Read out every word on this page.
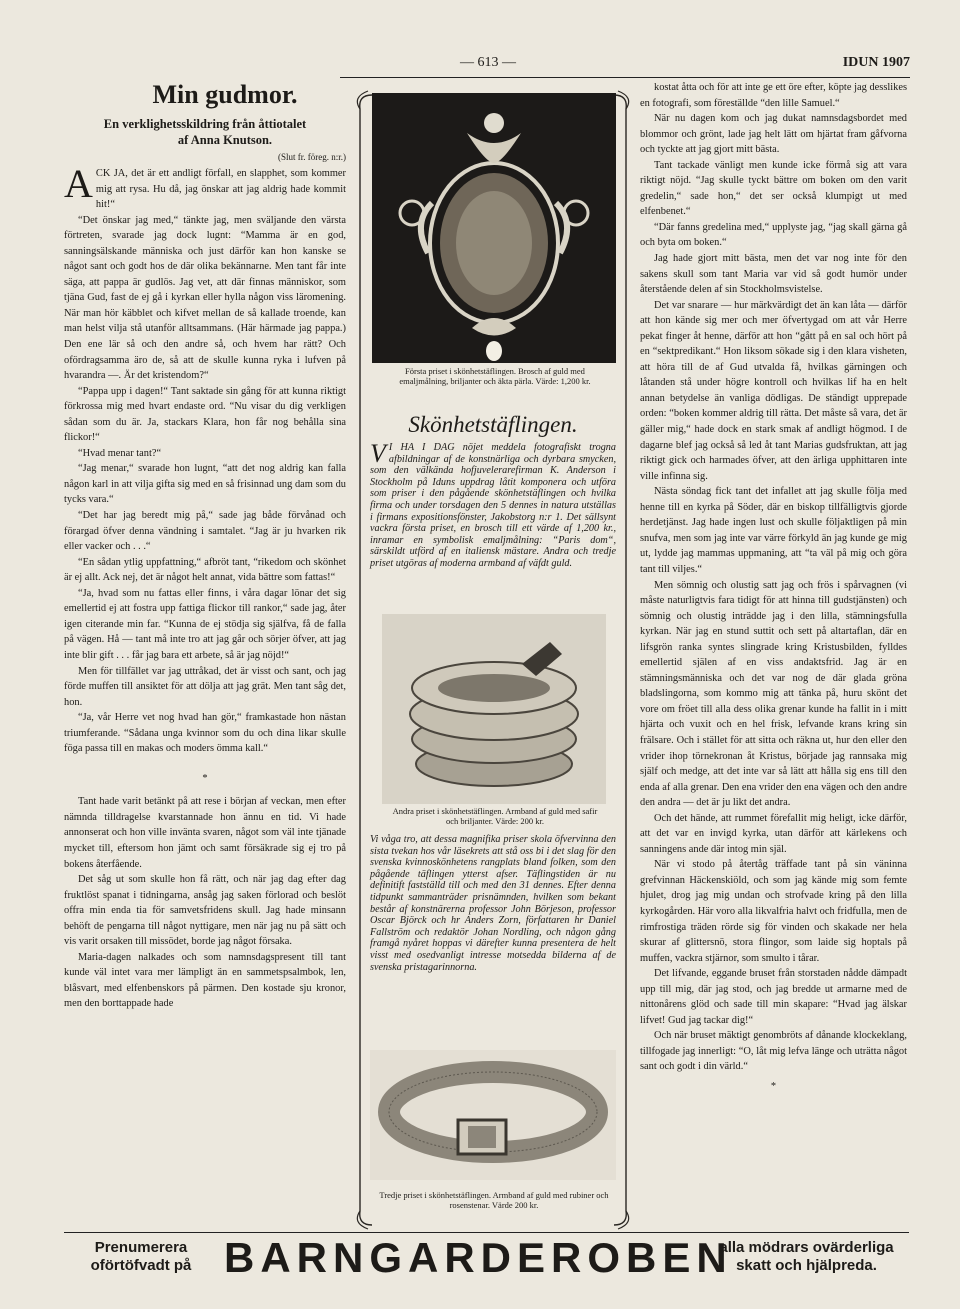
— 613 —	IDUN 1907
Min gudmor.
En verklighetsskildring från åttiotalet
af Anna Knutson.
(Slut fr. föreg. n:r.)

ACK JA, det är ett andligt förfall, en slapphet, som kommer mig att rysa. Hu då, jag önskar att jag aldrig hade kommit hit!“

“Det önskar jag med,“ tänkte jag, men sväljande den värsta förtreten, svarade jag dock lugnt: “Mamma är en god, sanningsälskande människa och just därför kan hon kanske se något sant och godt hos de där olika bekännarne. Men tant får inte säga, att pappa är gudlös. Jag vet, att där finnas människor, som tjäna Gud, fast de ej gå i kyrkan eller hylla någon viss läromening. När man hör käbblet och kifvet mellan de så kallade troende, kan man helst vilja stå utanför alltsammans. (Här härmade jag pappa.) Den ene lär så och den andre så, och hvem har rätt? Och ofördragsamma äro de, så att de skulle kunna ryka i lufven på hvarandra —. Är det kristendom?“

“Pappa upp i dagen!“ Tant saktade sin gång för att kunna riktigt förkrossa mig med hvart endaste ord. “Nu visar du dig verkligen sådan som du är. Ja, stackars Klara, hon får nog behålla sina flickor!“

“Hvad menar tant?“

“Jag menar,“ svarade hon lugnt, “att det nog aldrig kan falla någon karl in att vilja gifta sig med en så frisinnad ung dam som du tycks vara.“

“Det har jag beredt mig på,“ sade jag både förvånad och förargad öfver denna vändning i samtalet. “Jag är ju hvarken rik eller vacker och . . .“

“En sådan ytlig uppfattning,“ afbröt tant, “rikedom och skönhet är ej allt. Ack nej, det är något helt annat, vida bättre som fattas!“

“Ja, hvad som nu fattas eller finns, i våra dagar lönar det sig emellertid ej att fostra upp fattiga flickor till rankor,“ sade jag, åter igen citerande min far. “Kunna de ej stödja sig själfva, få de falla på vägen. Hå — tant må inte tro att jag går och sörjer öfver, att jag inte blir gift . . . får jag bara ett arbete, så är jag nöjd!“

Men för tillfället var jag uttråkad, det är visst och sant, och jag förde muffen till ansiktet för att dölja att jag grät. Men tant såg det, hon.

“Ja, vår Herre vet nog hvad han gör,“ framkastade hon nästan triumferande. “Sådana unga kvinnor som du och dina likar skulle föga passa till en makas och moders ömma kall.“

*

Tant hade varit betänkt på att rese i början af veckan, men efter nämnda tilldragelse kvarstannade hon ännu en tid. Vi hade annonserat och hon ville invänta svaren, något som väl inte tjänade mycket till, eftersom hon jämt och samt försäkrade sig ej tro på bokens återfående.

Det såg ut som skulle hon få rätt, och när jag dag efter dag fruktlöst spanat i tidningarna, ansåg jag saken förlorad och beslöt offra min enda tia för samvetsfridens skull. Jag hade minsann behöft de pengarna till något nyttigare, men när jag nu på sätt och vis varit orsaken till missödet, borde jag något försaka.

Maria-dagen nalkades och som namnsdagspresent till tant kunde väl intet vara mer lämpligt än en sammetspsalmbok, len, blåsvart, med elfenbenskors på pärmen. Den kostade sju kronor, men den borttappade hade

Första priset i skönhetstäflingen. Brosch af guld med emaljmålning, briljanter och äkta pärla. Värde: 1,200 kr.
Skönhetstäflingen.
V I HA I DAG nöjet meddela fotografiskt trogna afbildningar af de konstnärliga och dyrbara smycken, som den välkända hofjuvelerarefirman K. Anderson i Stockholm på Iduns uppdrag låtit komponera och utföra som priser i den pågående skönhetstäflingen och hvilka firma och under torsdagen den 5 dennes in natura utställas i firmans expositionsfönster, Jakobstorg n:r 1. Det sällsynt vackra första priset, en brosch till ett värde af 1,200 kr., inramar en symbolisk emaljmålning: “Paris dom“, särskildt utförd af en italiensk mästare. Andra och tredje priset utgöras af moderna armband af väfdt guld.
Andra priset i skönhetstäflingen. Armband af guld med safir och briljanter. Värde: 200 kr.
Vi våga tro, att dessa magnifika priser skola öfvervinna den sista tvekan hos vår läsekrets att stå oss bi i det slag för den svenska kvinnoskönhetens rangplats bland folken, som den pågående täflingen ytterst afser. Täflingstiden är nu definitift fastställd till och med den 31 dennes. Efter denna tidpunkt sammanträder prisnämnden, hvilken som bekant består af konstnärerna professor John Börjeson, professor Oscar Björck och hr Anders Zorn, författaren hr Daniel Fallström och redaktör Johan Nordling, och någon gång framgå nyåret hoppas vi därefter kunna presentera de helt visst med osedvanligt intresse motsedda bilderna af de svenska pristagarinnorna.
Tredje priset i skönhetstäflingen. Armband af guld med rubiner och rosenstenar. Värde 200 kr.

kostat åtta och för att inte ge ett öre efter, köpte jag desslikes en fotografi, som föreställde “den lille Samuel.“

När nu dagen kom och jag dukat namnsdagsbordet med blommor och grönt, lade jag helt lätt om hjärtat fram gåfvorna och tyckte att jag gjort mitt bästa.

Tant tackade vänligt men kunde icke förmå sig att vara riktigt nöjd. “Jag skulle tyckt bättre om boken om den varit gredelin,“ sade hon,“ det ser också klumpigt ut med elfenbenet.“

“Där fanns gredelina med,“ upplyste jag, “jag skall gärna gå och byta om boken.“

Jag hade gjort mitt bästa, men det var nog inte för den sakens skull som tant Maria var vid så godt humör under återstående delen af sin Stockholmsvistelse.

Det var snarare — hur märkvärdigt det än kan låta — därför att hon kände sig mer och mer öfvertygad om att vår Herre pekat finger åt henne, därför att hon “gått på en sal och hört på en “sektpredikant.“ Hon liksom sökade sig i den klara visheten, att höra till de af Gud utvalda få, hvilkas gärningen och låtanden stå under högre kontroll och hvilkas lif ha en helt annan betydelse än vanliga dödligas. De ständigt upprepade orden: “boken kommer aldrig till rätta. Det måste så vara, det är gäller mig,“ hade dock en stark smak af andligt högmod. I de dagarne blef jag också så led åt tant Marias gudsfruktan, att jag riktigt gick och harmades öfver, att den ärliga upphittaren inte ville infinna sig.

Nästa söndag fick tant det infallet att jag skulle följa med henne till en kyrka på Söder, där en biskop tillfälligtvis gjorde herdetjänst. Jag hade ingen lust och skulle följaktligen på min snufva, men som jag inte var värre förkyld än jag kunde ge mig ut, lydde jag mammas uppmaning, att “ta väl på mig och göra tant till viljes.“

Men sömnig och olustig satt jag och frös i spårvagnen (vi måste naturligtvis fara tidigt för att hinna till gudstjänsten) och sömnig och olustig inträdde jag i den lilla, stämningsfulla kyrkan. När jag en stund suttit och sett på altartaflan, där en lifsgrön ranka syntes slingrade kring Kristusbilden, fylldes emellertid själen af en viss andaktsfrid. Jag är en stämningsmänniska och det var nog de där glada gröna bladslingorna, som kommo mig att tänka på, huru skönt det vore om fröet till alla dess olika grenar kunde ha fallit in i mitt hjärta och vuxit och en hel frisk, lefvande krans kring sin frälsare. Och i stället för att sitta och räkna ut, hur den eller den vrider ihop törnekronan åt Kristus, började jag rannsaka mig själf och medge, att det inte var så lätt att hålla sig ens till den enda af alla grenar. Den ena vrider den ena vägen och den andre den andra — det är ju likt det andra.

Och det hände, att rummet förefallit mig heligt, icke därför, att det var en invigd kyrka, utan därför att kärlekens och sanningens ande där intog min själ.

När vi stodo på återtåg träffade tant på sin väninna grefvinnan Häckenskiöld, och som jag kände mig som femte hjulet, drog jag mig undan och strofvade kring på den lilla kyrkogården. Här voro alla likvalfria halvt och fridfulla, men de rimfrostiga träden rörde sig för vinden och skakade ner hela skurar af glittersnö, stora flingor, som laide sig hoptals på muffen, vackra stjärnor, som smulto i tårar.

Det lifvande, eggande bruset från storstaden nådde dämpadt upp till mig, där jag stod, och jag bredde ut armarne med de nittonårens glöd och sade till min skapare: “Hvad jag älskar lifvet! Gud jag tackar dig!“

Och när bruset mäktigt genombröts af dånande klockeklang, tillfogade jag innerligt: “O, låt mig lefva länge och uträtta något sant och godt i din värld.“

*
Prenumerera oförtöfvadt på BARNGARDEROBEN
alla mödrars ovärderliga skatt och hjälpreda.
